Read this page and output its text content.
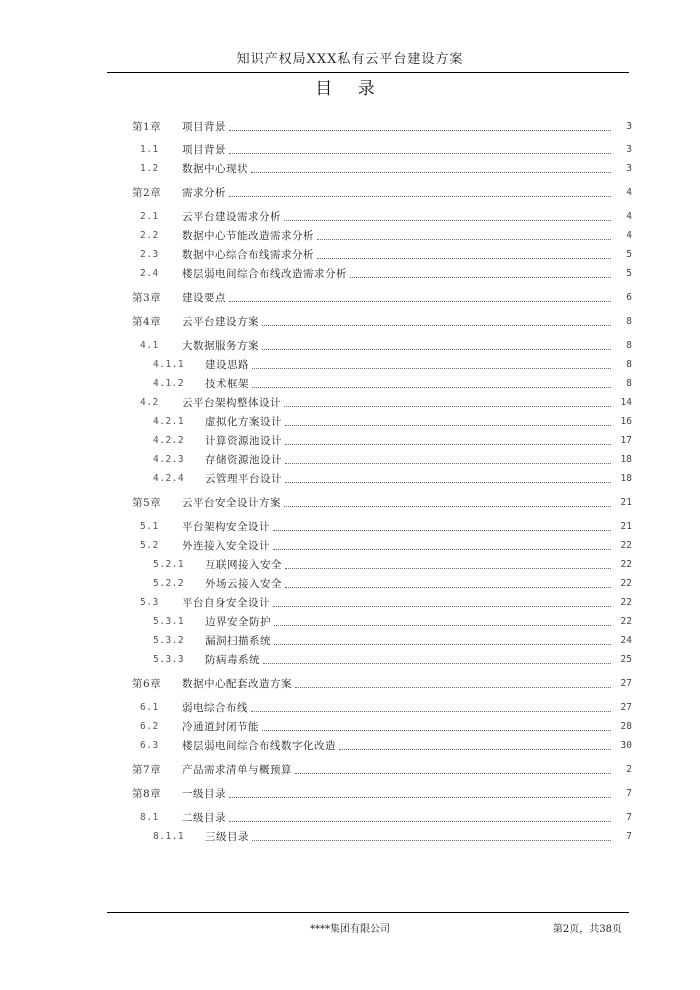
知识产权局XXX私有云平台建设方案
目 录
第1章	项目背景	3
1.1	项目背景	3
1.2	数据中心现状	3
第2章	需求分析	4
2.1	云平台建设需求分析	4
2.2	数据中心节能改造需求分析	4
2.3	数据中心综合布线需求分析	5
2.4	楼层弱电间综合布线改造需求分析	5
第3章	建设要点	6
第4章	云平台建设方案	8
4.1	大数据服务方案	8
4.1.1	建设思路	8
4.1.2	技术框架	8
4.2	云平台架构整体设计	14
4.2.1	虚拟化方案设计	16
4.2.2	计算资源池设计	17
4.2.3	存储资源池设计	18
4.2.4	云管理平台设计	18
第5章	云平台安全设计方案	21
5.1	平台架构安全设计	21
5.2	外连接入安全设计	22
5.2.1	互联网接入安全	22
5.2.2	外场云接入安全	22
5.3	平台自身安全设计	22
5.3.1	边界安全防护	22
5.3.2	漏洞扫描系统	24
5.3.3	防病毒系统	25
第6章	数据中心配套改造方案	27
6.1	弱电综合布线	27
6.2	冷通道封闭节能	28
6.3	楼层弱电间综合布线数字化改造	30
第7章	产品需求清单与概预算	2
第8章	一级目录	7
8.1	二级目录	7
8.1.1	三级目录	7
****集团有限公司	第2页，共38页
